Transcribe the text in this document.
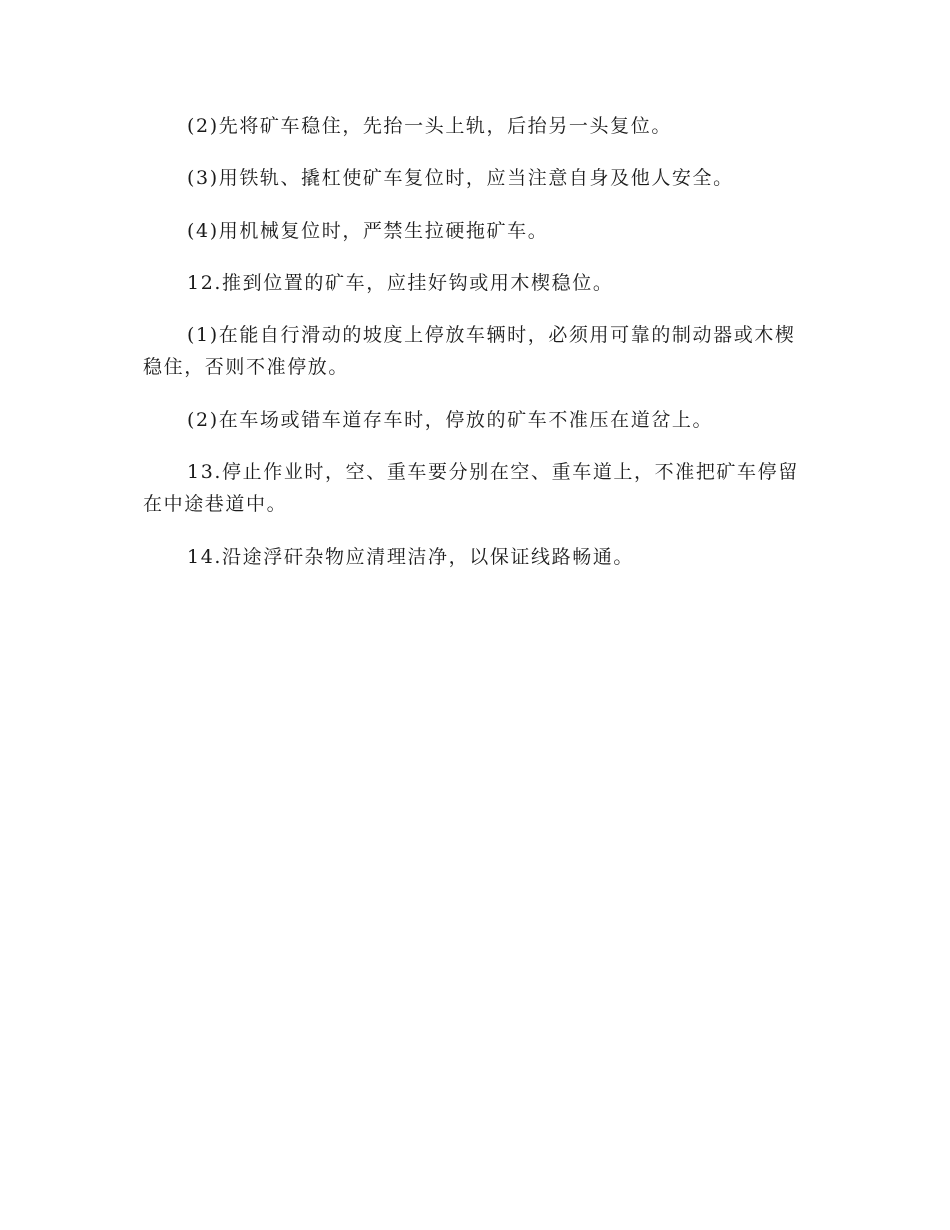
(2)先将矿车稳住，先抬一头上轨，后抬另一头复位。

(3)用铁轨、撬杠使矿车复位时，应当注意自身及他人安全。

(4)用机械复位时，严禁生拉硬拖矿车。

12.推到位置的矿车，应挂好钩或用木楔稳位。

(1)在能自行滑动的坡度上停放车辆时，必须用可靠的制动器或木楔稳住，否则不准停放。

(2)在车场或错车道存车时，停放的矿车不准压在道岔上。

13.停止作业时，空、重车要分别在空、重车道上，不准把矿车停留在中途巷道中。

14.沿途浮矸杂物应清理洁净，以保证线路畅通。
